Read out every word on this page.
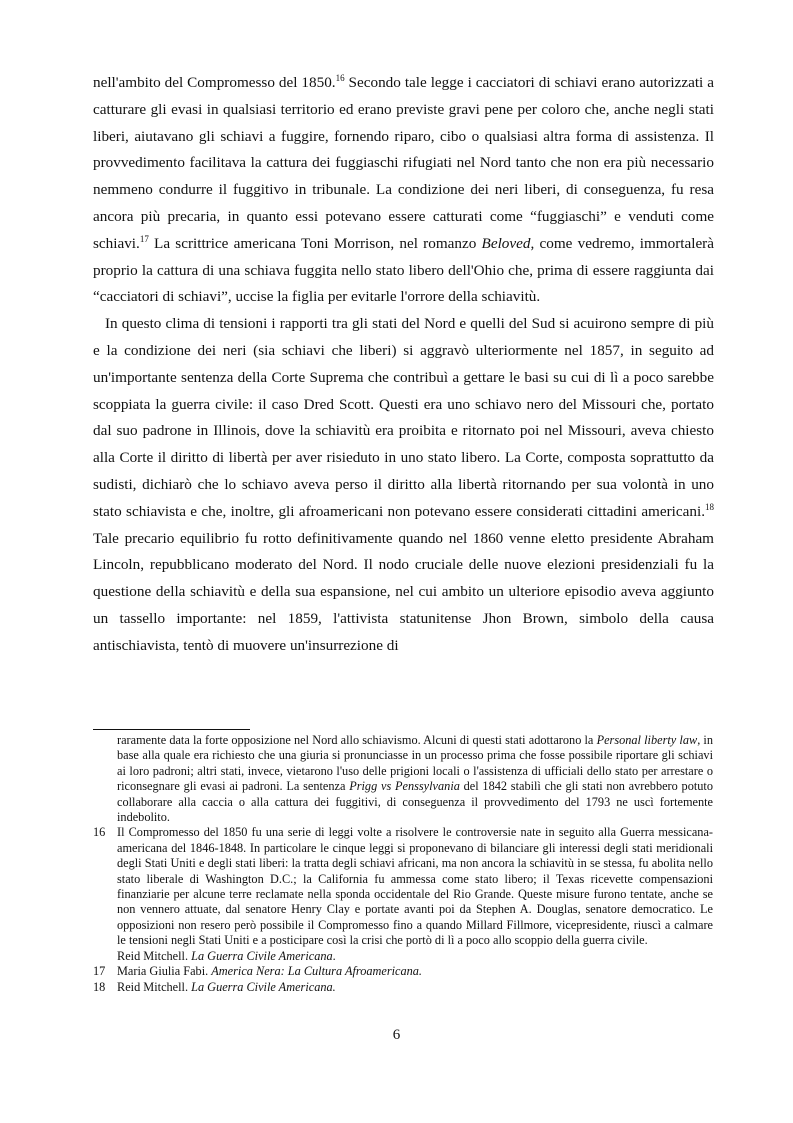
nell'ambito del Compromesso del 1850.16 Secondo tale legge i cacciatori di schiavi erano autorizzati a catturare gli evasi in qualsiasi territorio ed erano previste gravi pene per coloro che, anche negli stati liberi, aiutavano gli schiavi a fuggire, fornendo riparo, cibo o qualsiasi altra forma di assistenza. Il provvedimento facilitava la cattura dei fuggiaschi rifugiati nel Nord tanto che non era più necessario nemmeno condurre il fuggitivo in tribunale. La condizione dei neri liberi, di conseguenza, fu resa ancora più precaria, in quanto essi potevano essere catturati come “fuggiaschi” e venduti come schiavi.$^{17}$ La scrittrice americana Toni Morrison, nel romanzo Beloved, come vedremo, immortalerà proprio la cattura di una schiava fuggita nello stato libero dell'Ohio che, prima di essere raggiunta dai “cacciatori di schiavi”, uccise la figlia per evitarle l'orrore della schiavitù.

In questo clima di tensioni i rapporti tra gli stati del Nord e quelli del Sud si acuirono sempre di più e la condizione dei neri (sia schiavi che liberi) si aggravò ulteriormente nel 1857, in seguito ad un'importante sentenza della Corte Suprema che contribuì a gettare le basi su cui di lì a poco sarebbe scoppiata la guerra civile: il caso Dred Scott. Questi era uno schiavo nero del Missouri che, portato dal suo padrone in Illinois, dove la schiavitù era proibita e ritornato poi nel Missouri, aveva chiesto alla Corte il diritto di libertà per aver risieduto in uno stato libero. La Corte, composta soprattutto da sudisti, dichiarò che lo schiavo aveva perso il diritto alla libertà ritornando per sua volontà in uno stato schiavista e che, inoltre, gli afroamericani non potevano essere considerati cittadini americani.$^{18}$ Tale precario equilibrio fu rotto definitivamente quando nel 1860 venne eletto presidente Abraham Lincoln, repubblicano moderato del Nord. Il nodo cruciale delle nuove elezioni presidenziali fu la questione della schiavitù e della sua espansione, nel cui ambito un ulteriore episodio aveva aggiunto un tassello importante: nel 1859, l'attivista statunitense Jhon Brown, simbolo della causa antischiavista, tentò di muovere un'insurrezione di

raramente data la forte opposizione nel Nord allo schiavismo. Alcuni di questi stati adottarono la Personal liberty law, in base alla quale era richiesto che una giuria si pronunciasse in un processo prima che fosse possibile riportare gli schiavi ai loro padroni; altri stati, invece, vietarono l'uso delle prigioni locali o l'assistenza di ufficiali dello stato per arrestare o riconsegnare gli evasi ai padroni. La sentenza Prigg vs Penssylvania del 1842 stabilì che gli stati non avrebbero potuto collaborare alla caccia o alla cattura dei fuggitivi, di conseguenza il provvedimento del 1793 ne uscì fortemente indebolito.

16 Il Compromesso del 1850 fu una serie di leggi volte a risolvere le controversie nate in seguito alla Guerra messicana-americana del 1846-1848. In particolare le cinque leggi si proponevano di bilanciare gli interessi degli stati meridionali degli Stati Uniti e degli stati liberi: la tratta degli schiavi africani, ma non ancora la schiavitù in se stessa, fu abolita nello stato liberale di Washington D.C.; la California fu ammessa come stato libero; il Texas ricevette compensazioni finanziarie per alcune terre reclamate nella sponda occidentale del Rio Grande. Queste misure furono tentate, anche se non vennero attuate, dal senatore Henry Clay e portate avanti poi da Stephen A. Douglas, senatore democratico. Le opposizioni non resero però possibile il Compromesso fino a quando Millard Fillmore, vicepresidente, riuscì a calmare le tensioni negli Stati Uniti e a posticipare così la crisi che portò di lì a poco allo scoppio della guerra civile.
Reid Mitchell. La Guerra Civile Americana.

17 Maria Giulia Fabi. America Nera: La Cultura Afroamericana.

18 Reid Mitchell. La Guerra Civile Americana.

6
